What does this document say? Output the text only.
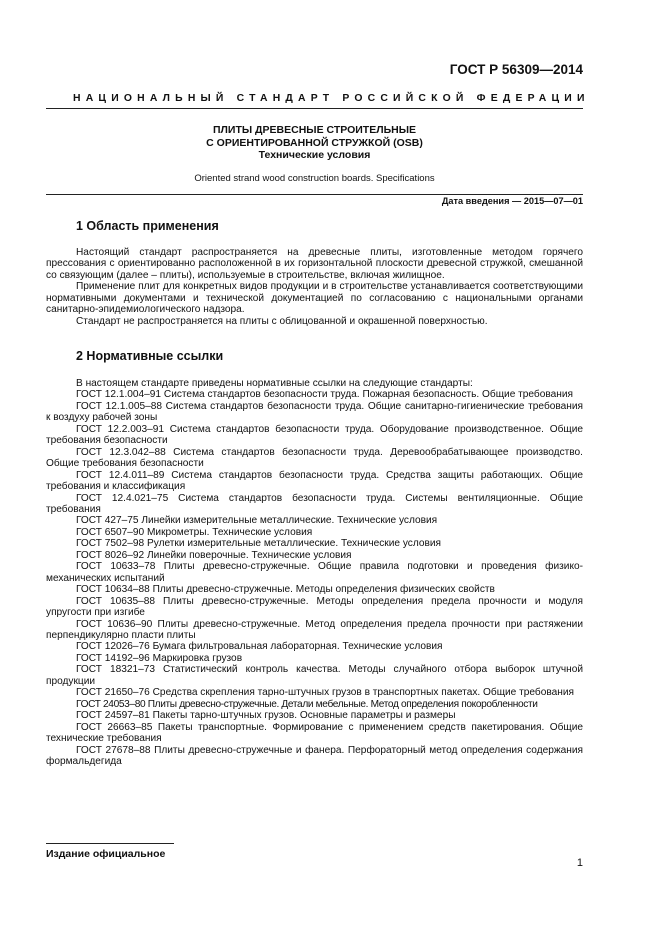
ГОСТ Р 56309—2014
НАЦИОНАЛЬНЫЙ СТАНДАРТ РОССИЙСКОЙ ФЕДЕРАЦИИ
ПЛИТЫ ДРЕВЕСНЫЕ СТРОИТЕЛЬНЫЕ
С ОРИЕНТИРОВАННОЙ СТРУЖКОЙ (OSB)
Технические условия
Oriented strand wood construction boards. Specifications
Дата введения — 2015—07—01
1 Область применения

Настоящий стандарт распространяется на древесные плиты, изготовленные методом горячего прессования с ориентированно расположенной в их горизонтальной плоскости древесной стружкой, смешанной со связующим (далее – плиты), используемые в строительстве, включая жилищное.

Применение плит для конкретных видов продукции и в строительстве устанавливается соответствующими нормативными документами и технической документацией по согласованию с национальными органами санитарно-эпидемиологического надзора.

Стандарт не распространяется на плиты с облицованной и окрашенной поверхностью.

2 Нормативные ссылки

В настоящем стандарте приведены нормативные ссылки на следующие стандарты:

ГОСТ 12.1.004–91 Система стандартов безопасности труда. Пожарная безопасность. Общие требования

ГОСТ 12.1.005–88 Система стандартов безопасности труда. Общие санитарно-гигиенические требования к воздуху рабочей зоны

ГОСТ 12.2.003–91 Система стандартов безопасности труда. Оборудование производственное. Общие требования безопасности

ГОСТ 12.3.042–88 Система стандартов безопасности труда. Деревообрабатывающее производство. Общие требования безопасности

ГОСТ 12.4.011–89 Система стандартов безопасности труда. Средства защиты работающих. Общие требования и классификация

ГОСТ 12.4.021–75 Система стандартов безопасности труда. Системы вентиляционные. Общие требования

ГОСТ 427–75 Линейки измерительные металлические. Технические условия

ГОСТ 6507–90 Микрометры. Технические условия

ГОСТ 7502–98 Рулетки измерительные металлические. Технические условия

ГОСТ 8026–92 Линейки поверочные. Технические условия

ГОСТ 10633–78 Плиты древесно-стружечные. Общие правила подготовки и проведения физикомеханических испытаний

ГОСТ 10634–88 Плиты древесно-стружечные. Методы определения физических свойств

ГОСТ 10635–88 Плиты древесно-стружечные. Методы определения предела прочности и модуля упругости при изгибе

ГОСТ 10636–90 Плиты древесно-стружечные. Метод определения предела прочности при растяжении перпендикулярно пласти плиты

ГОСТ 12026–76 Бумага фильтровальная лабораторная. Технические условия

ГОСТ 14192–96 Маркировка грузов

ГОСТ 18321–73 Статистический контроль качества. Методы случайного отбора выборок штучной продукции

ГОСТ 21650–76 Средства скрепления тарно-штучных грузов в транспортных пакетах. Общие требования

ГОСТ 24053–80 Плиты древесно-стружечные. Детали мебельные. Метод определения покоробленности

ГОСТ 24597–81 Пакеты тарно-штучных грузов. Основные параметры и размеры

ГОСТ 26663–85 Пакеты транспортные. Формирование с применением средств пакетирования. Общие технические требования

ГОСТ 27678–88 Плиты древесно-стружечные и фанера. Перфораторный метод определения содержания формальдегида

Издание официальное
1
